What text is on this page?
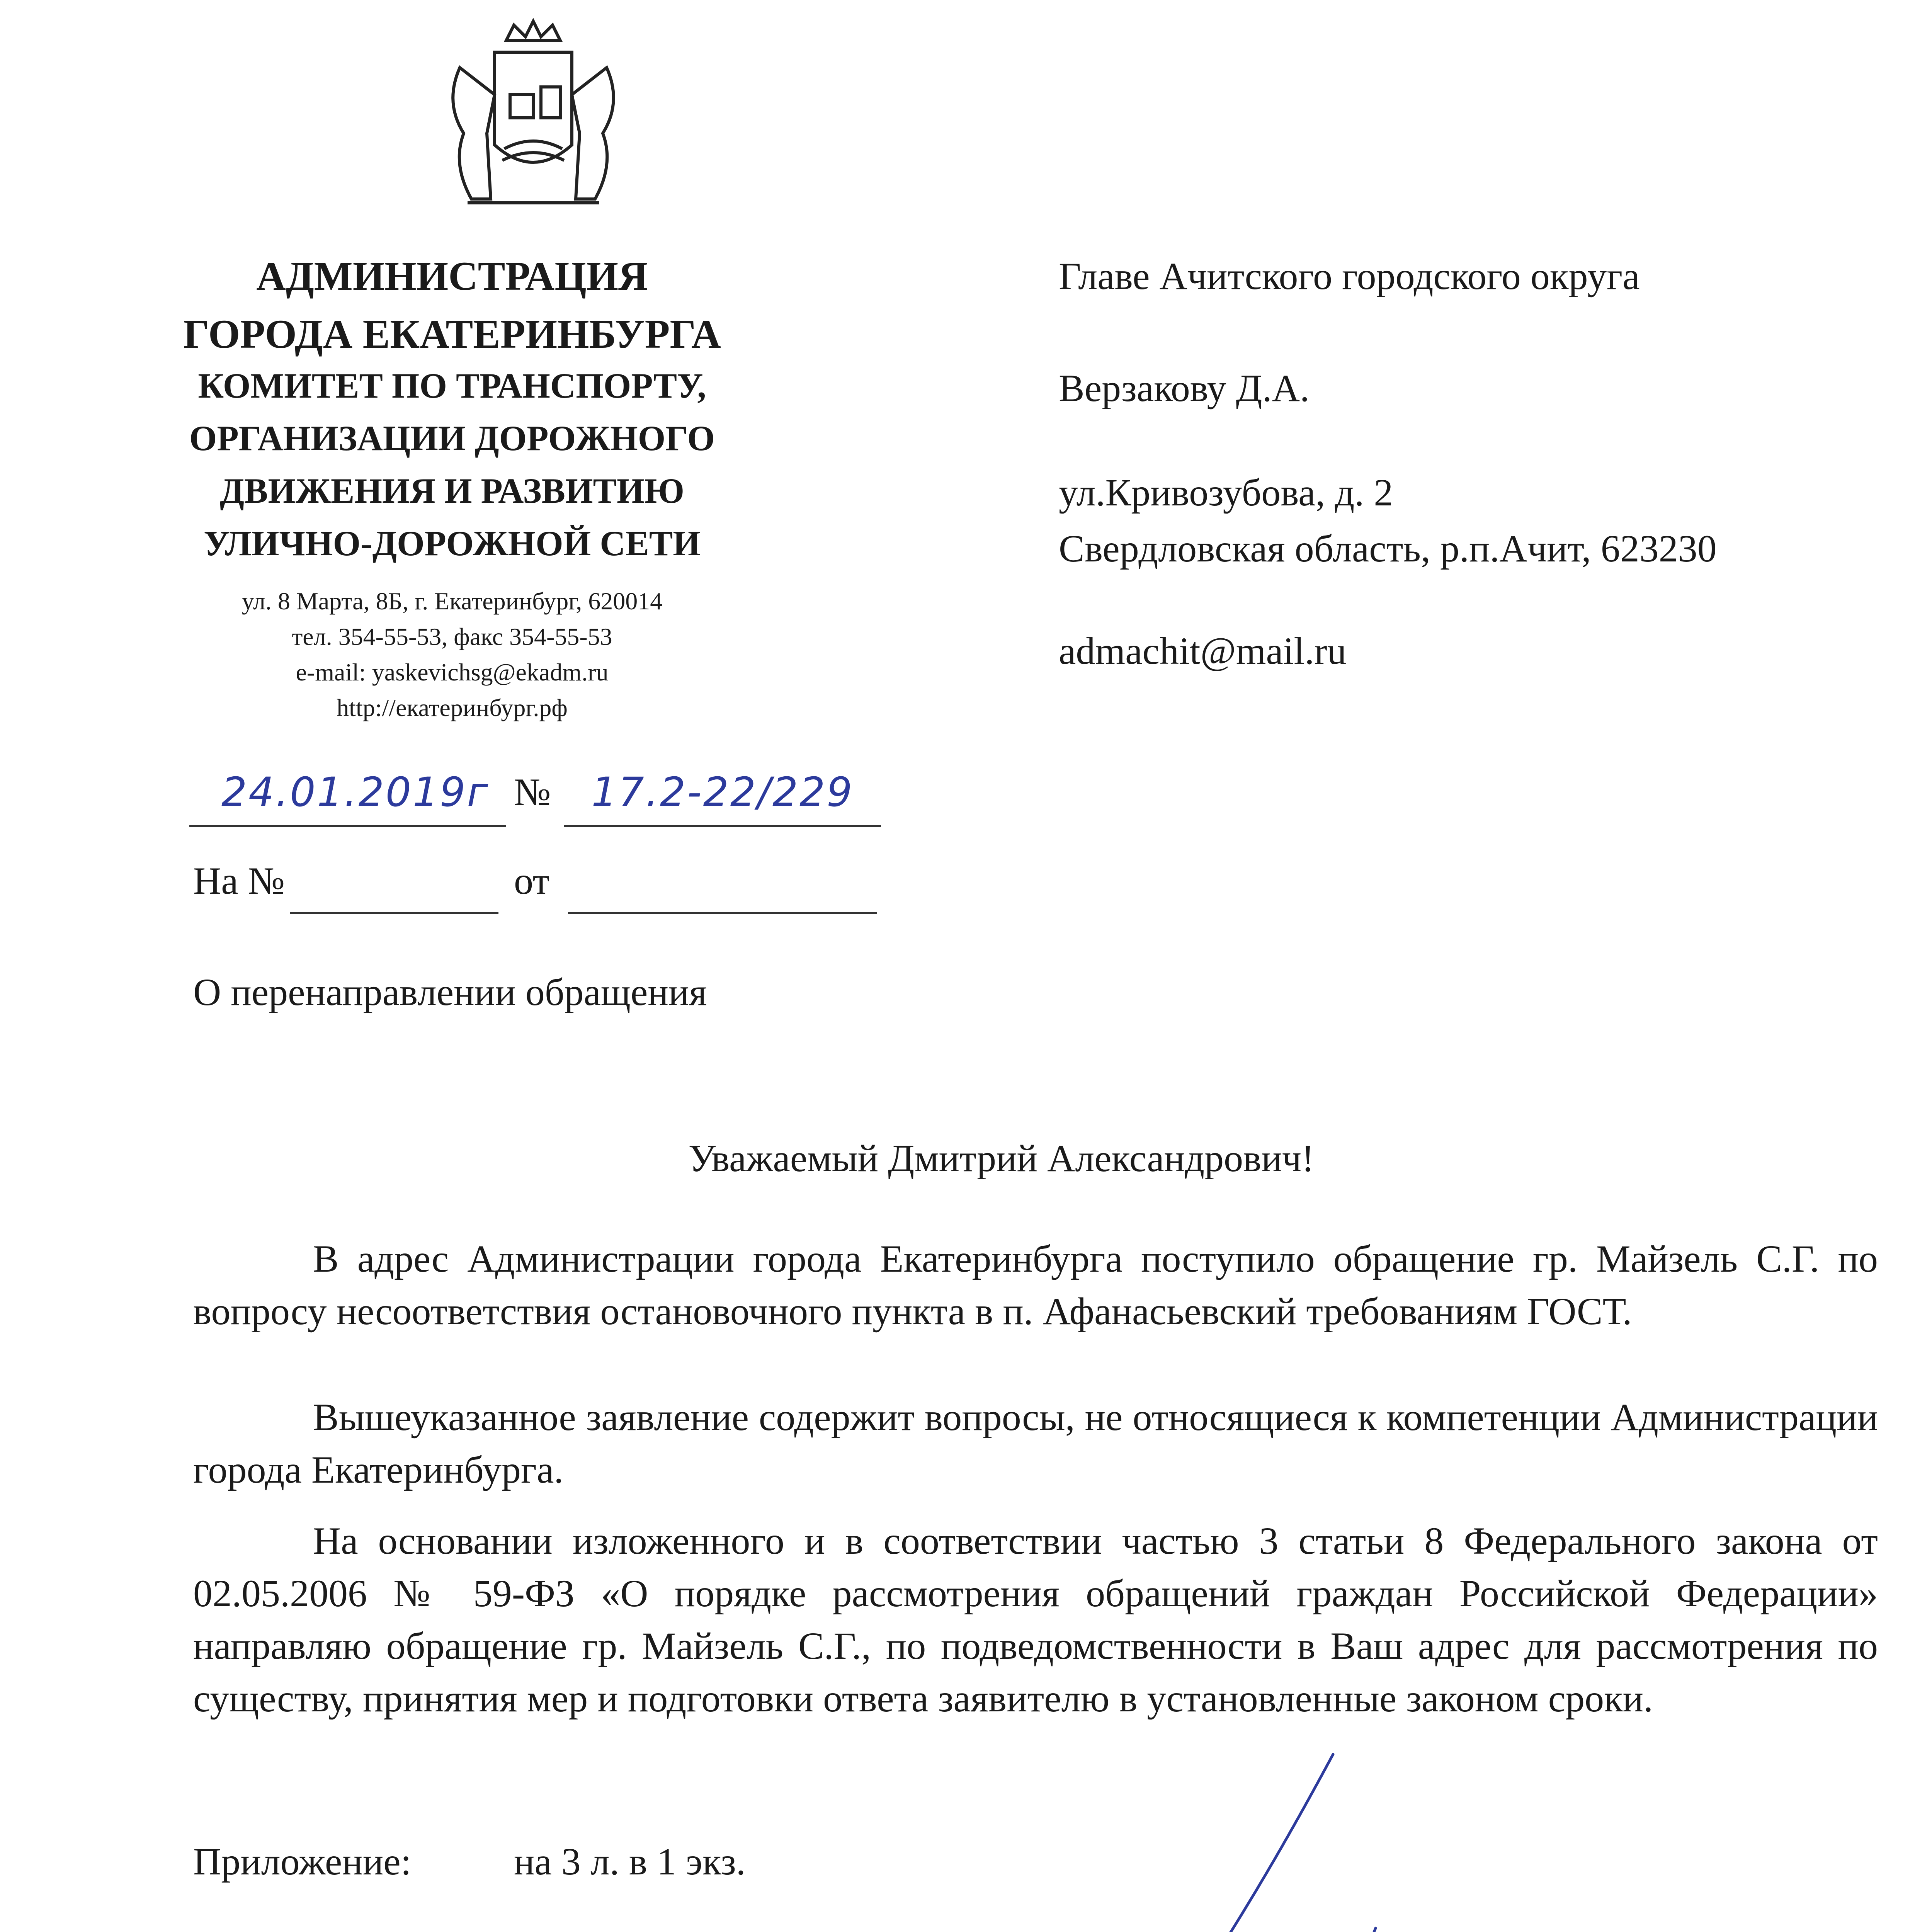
АДМИНИСТРАЦИЯ
ГОРОДА ЕКАТЕРИНБУРГА
КОМИТЕТ ПО ТРАНСПОРТУ,
ОРГАНИЗАЦИИ ДОРОЖНОГО
ДВИЖЕНИЯ И РАЗВИТИЮ
УЛИЧНО-ДОРОЖНОЙ СЕТИ
ул. 8 Марта, 8Б, г. Екатеринбург, 620014
тел. 354-55-53, факс 354-55-53
e-mail: yaskevichsg@ekadm.ru
http://екатеринбург.рф
Главе Ачитского городского округа
Верзакову Д.А.
ул.Кривозубова, д. 2
Свердловская область, р.п.Ачит, 623230
admachit@mail.ru
24.01.2019г №	17.2-22/229
На №	от
О перенаправлении обращения
Уважаемый Дмитрий Александрович!
В адрес Администрации города Екатеринбурга поступило обращение гр. Майзель С.Г. по вопросу несоответствия остановочного пункта в п. Афанасьевский требованиям ГОСТ.
Вышеуказанное заявление содержит вопросы, не относящиеся к компетенции Администрации города Екатеринбурга.
На основании изложенного и в соответствии частью 3 статьи 8 Федерального закона от 02.05.2006 № 59-ФЗ «О порядке рассмотрения обращений граждан Российской Федерации» направляю обращение гр. Майзель С.Г., по подведомственности в Ваш адрес для рассмотрения по существу, принятия мер и подготовки ответа заявителю в установленные законом сроки.
Приложение:	на 3 л. в 1 экз.
